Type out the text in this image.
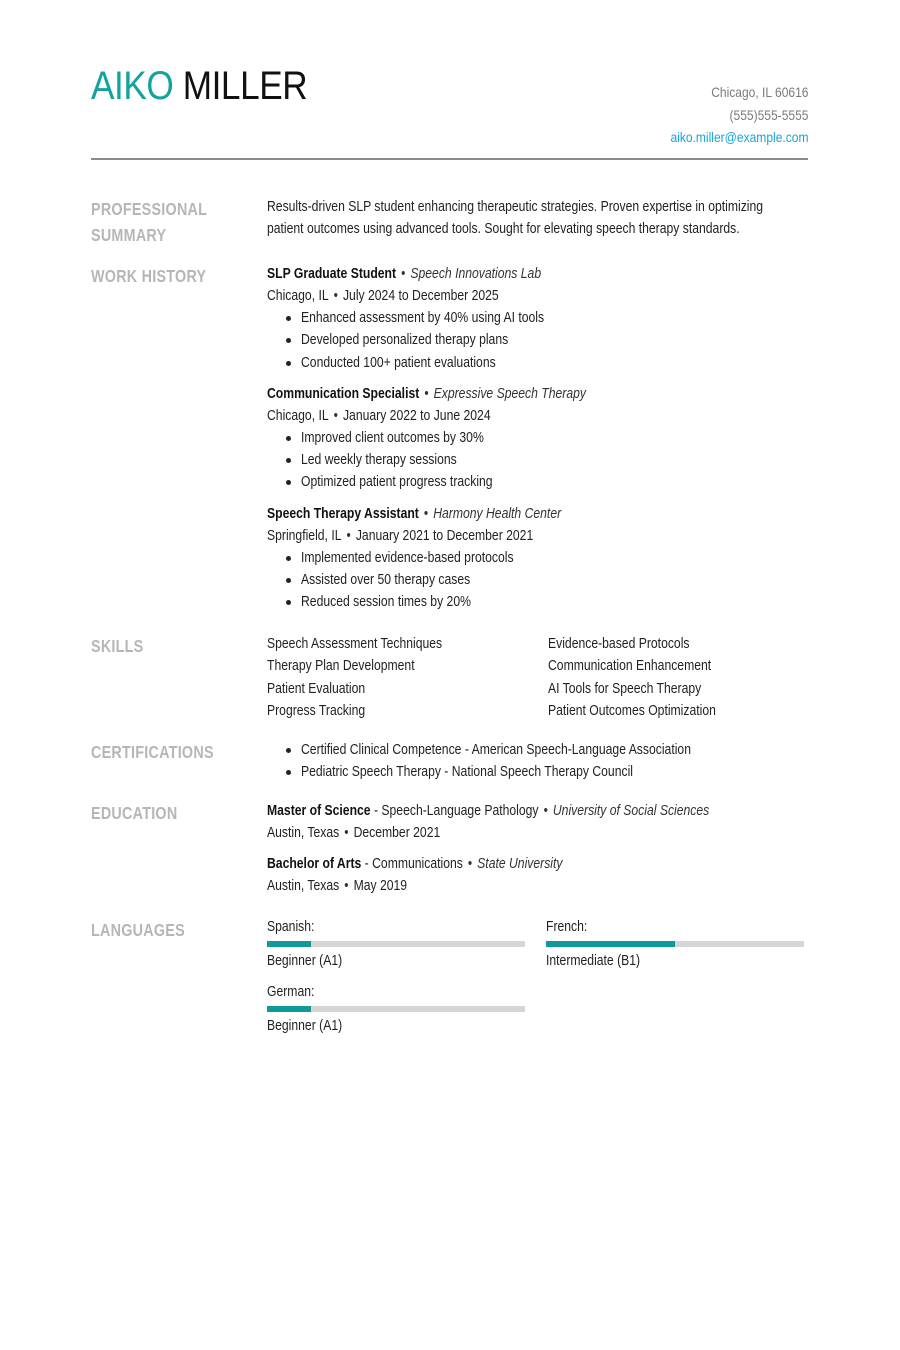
AIKO MILLER	Chicago, IL 60616
(555)555-5555
aiko.miller@example.com
PROFESSIONAL
SUMMARY
Results-driven SLP student enhancing therapeutic strategies. Proven expertise in optimizing
patient outcomes using advanced tools. Sought for elevating speech therapy standards.
WORK HISTORY	SLP Graduate Student • Speech Innovations Lab
Chicago, IL • July 2024 to December 2025
Enhanced assessment by 40% using AI tools
Developed personalized therapy plans
Conducted 100+ patient evaluations
Communication Specialist • Expressive Speech Therapy
Chicago, IL • January 2022 to June 2024
Improved client outcomes by 30%
Led weekly therapy sessions
Optimized patient progress tracking
Speech Therapy Assistant • Harmony Health Center
Springfield, IL • January 2021 to December 2021
Implemented evidence-based protocols
Assisted over 50 therapy cases
Reduced session times by 20%
SKILLS	Speech Assessment Techniques	Evidence-based Protocols
Therapy Plan Development	Communication Enhancement
Patient Evaluation	AI Tools for Speech Therapy
Progress Tracking	Patient Outcomes Optimization
CERTIFICATIONS	Certified Clinical Competence - American Speech-Language Association
Pediatric Speech Therapy - National Speech Therapy Council
EDUCATION	Master of Science - Speech-Language Pathology • University of Social Sciences
Austin, Texas • December 2021
Bachelor of Arts - Communications • State University
Austin, Texas • May 2019
LANGUAGES	Spanish:
Beginner (A1)
French:
Intermediate (B1)
German:
Beginner (A1)
